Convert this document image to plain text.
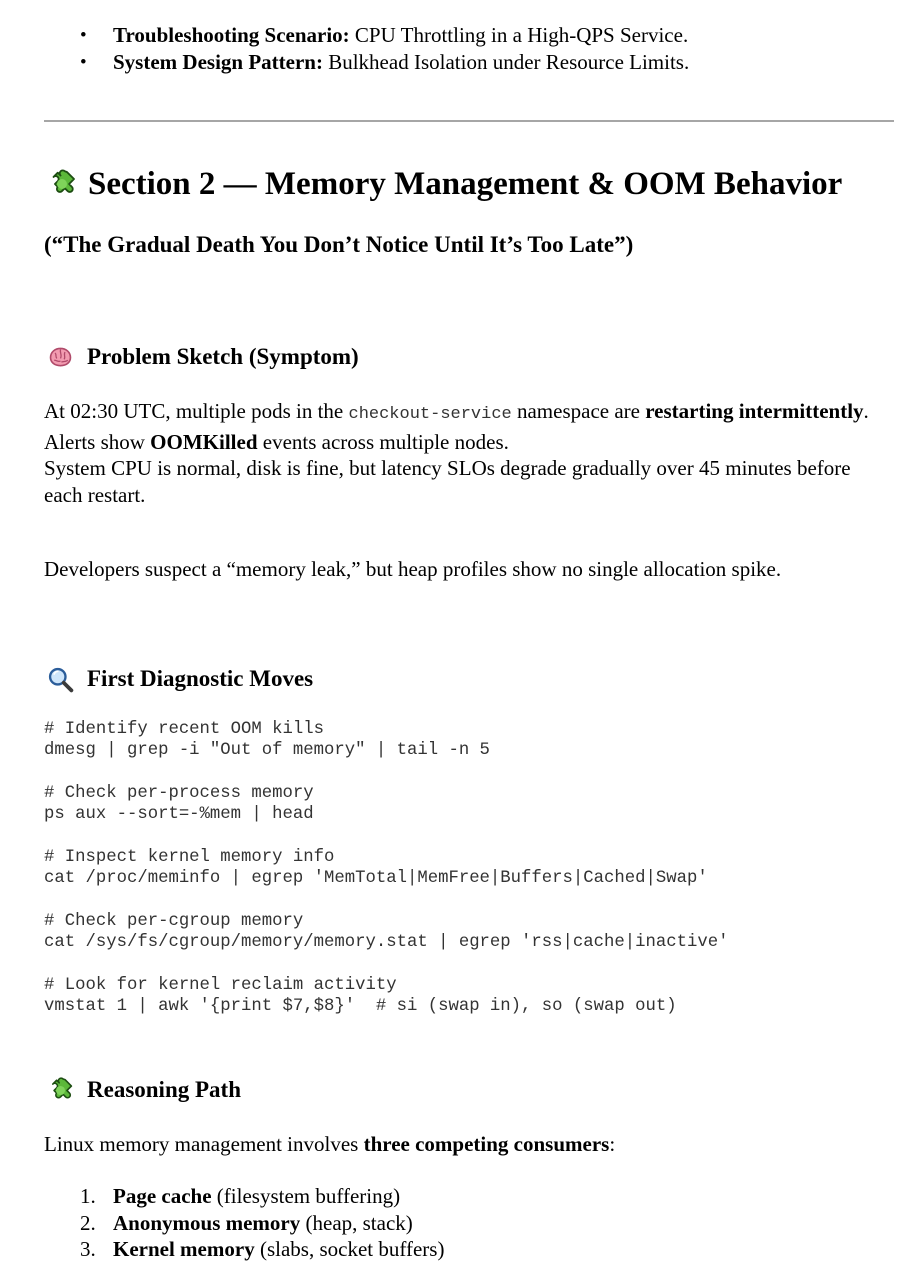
• Troubleshooting Scenario: CPU Throttling in a High-QPS Service.
• System Design Pattern: Bulkhead Isolation under Resource Limits.
Section 2 — Memory Management & OOM Behavior
(“The Gradual Death You Don’t Notice Until It’s Too Late”)
Problem Sketch (Symptom)
At 02:30 UTC, multiple pods in the checkout-service namespace are restarting intermittently.
Alerts show OOMKilled events across multiple nodes.
System CPU is normal, disk is fine, but latency SLOs degrade gradually over 45 minutes before each restart.
Developers suspect a “memory leak,” but heap profiles show no single allocation spike.
First Diagnostic Moves
# Identify recent OOM kills
dmesg | grep -i "Out of memory" | tail -n 5

# Check per-process memory
ps aux --sort=-%mem | head

# Inspect kernel memory info
cat /proc/meminfo | egrep 'MemTotal|MemFree|Buffers|Cached|Swap'

# Check per-cgroup memory
cat /sys/fs/cgroup/memory/memory.stat | egrep 'rss|cache|inactive'

# Look for kernel reclaim activity
vmstat 1 | awk '{print $7,$8}'  # si (swap in), so (swap out)
Reasoning Path
Linux memory management involves three competing consumers:
1. Page cache (filesystem buffering)
2. Anonymous memory (heap, stack)
3. Kernel memory (slabs, socket buffers)
